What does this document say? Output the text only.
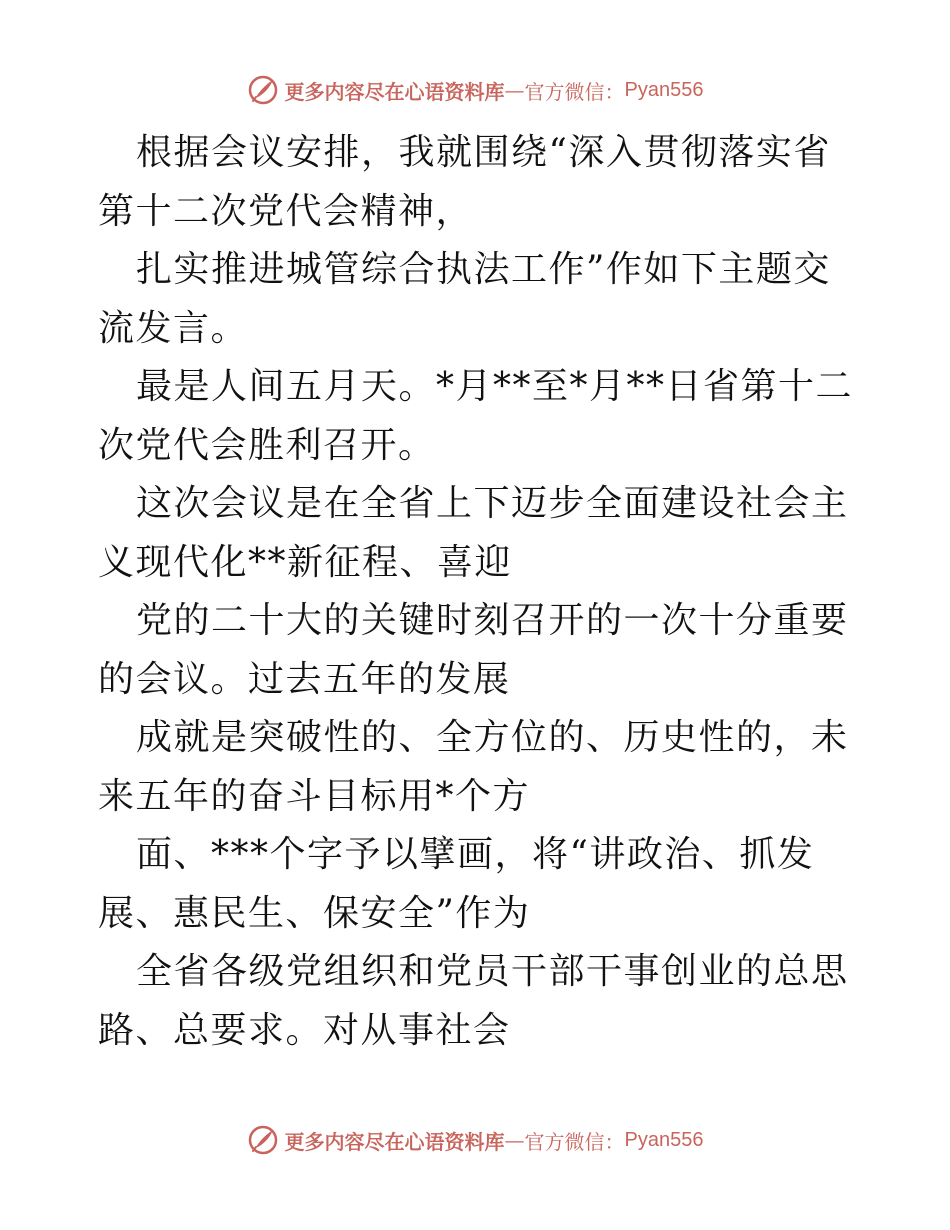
更多内容尽在心语资料库 — 官方微信： Pyan556

根据会议安排，我就围绕“深入贯彻落实省第十二次党代会精神，

扎实推进城管综合执法工作”作如下主题交流发言。

最是人间五月天。*月**至*月**日省第十二次党代会胜利召开。

这次会议是在全省上下迈步全面建设社会主义现代化**新征程、喜迎

党的二十大的关键时刻召开的一次十分重要的会议。过去五年的发展

成就是突破性的、全方位的、历史性的，未来五年的奋斗目标用*个方

面、***个字予以擘画，将“讲政治、抓发展、惠民生、保安全”作为

全省各级党组织和党员干部干事创业的总思路、总要求。对从事社会

更多内容尽在心语资料库 — 官方微信： Pyan556
